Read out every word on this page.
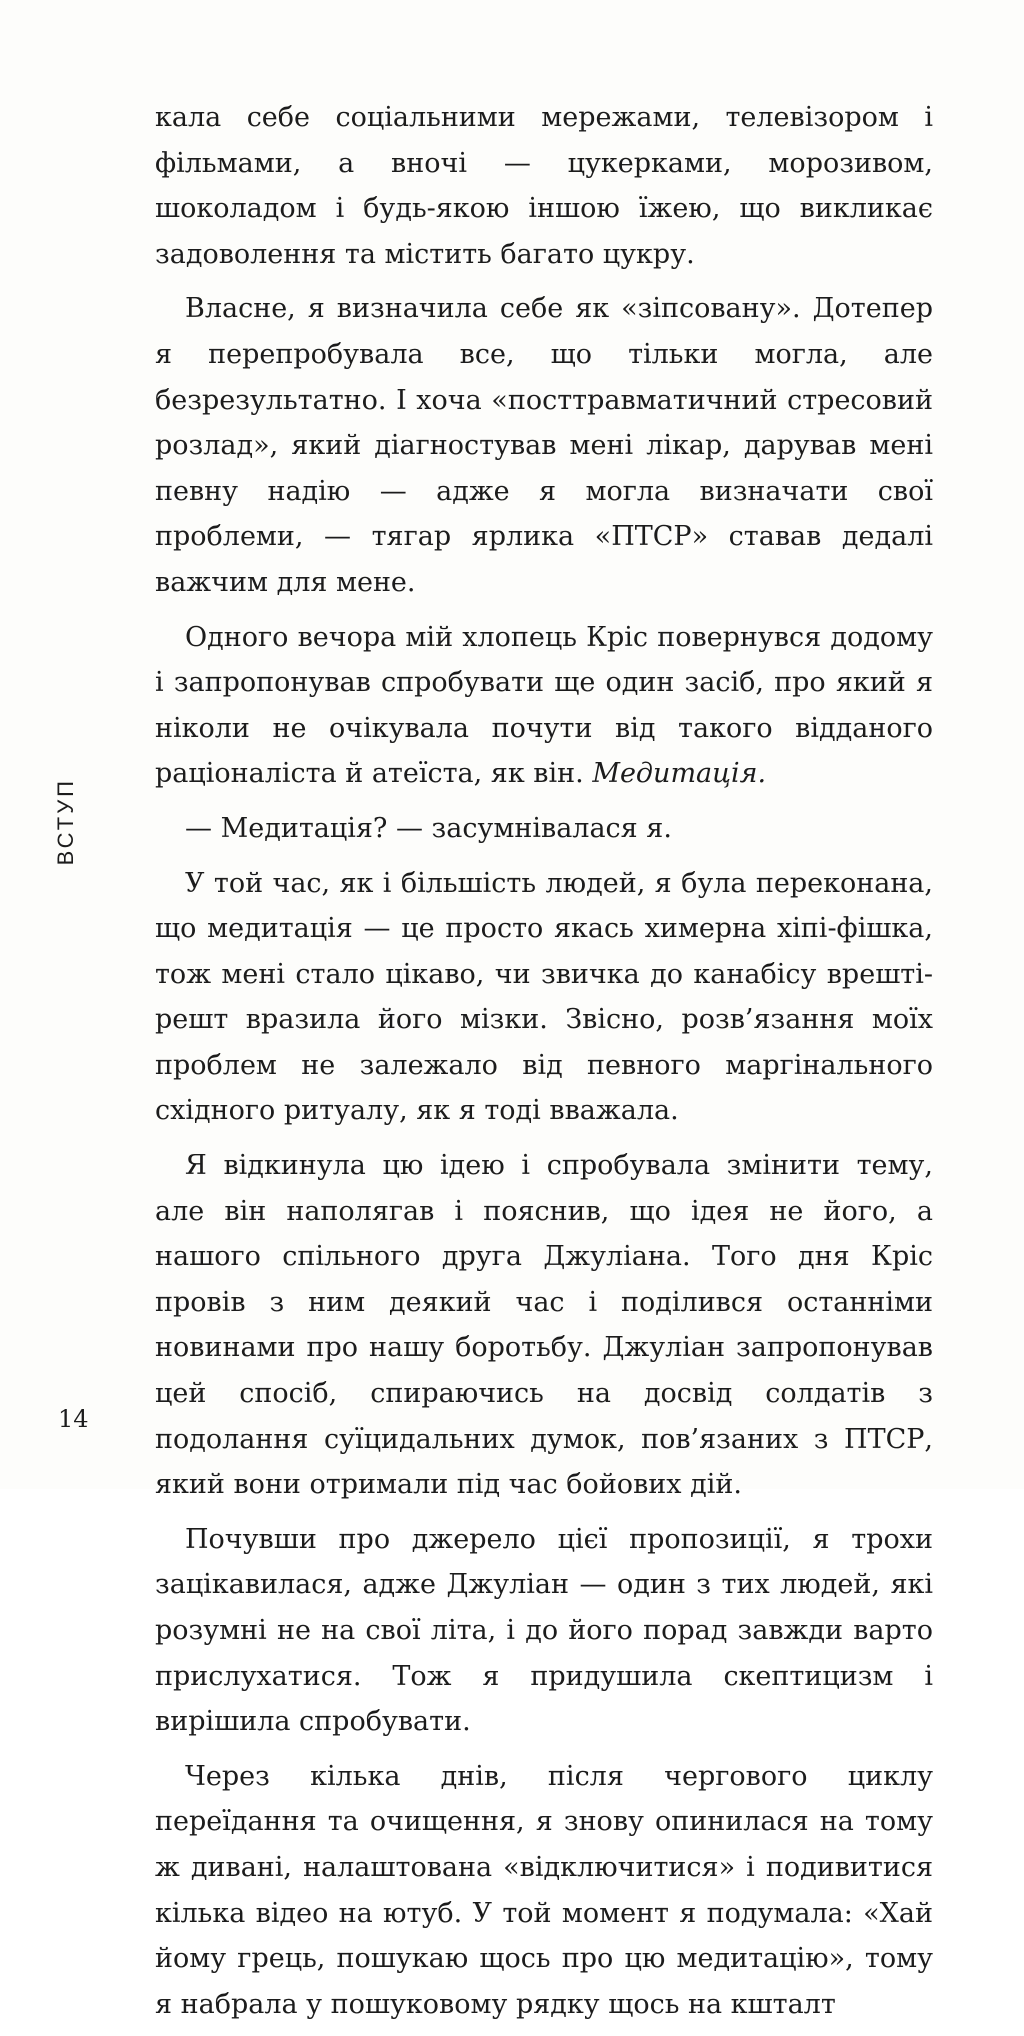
ВСТУП

кала себе соціальними мережами, телевізором і фільмами, а вночі — цукерками, морозивом, шоколадом і будь-якою іншою їжею, що викликає задоволення та містить багато цукру.

Власне, я визначила себе як «зіпсовану». Дотепер я перепробувала все, що тільки могла, але безрезультатно. І хоча «посттравматичний стресовий розлад», який діагностував мені лікар, дарував мені певну надію — адже я могла визначати свої проблеми, — тягар ярлика «ПТСР» ставав дедалі важчим для мене.

Одного вечора мій хлопець Кріс повернувся додому і запропонував спробувати ще один засіб, про який я ніколи не очікувала почути від такого відданого раціоналіста й атеїста, як він. Медитація.

— Медитація? — засумнівалася я.

У той час, як і більшість людей, я була переконана, що медитація — це просто якась химерна хіпі-фішка, тож мені стало цікаво, чи звичка до канабісу врешті-решт вразила його мізки. Звісно, розв’язання моїх проблем не залежало від певного маргінального східного ритуалу, як я тоді вважала.

Я відкинула цю ідею і спробувала змінити тему, але він наполягав і пояснив, що ідея не його, а нашого спільного друга Джуліана. Того дня Кріс провів з ним деякий час і поділився останніми новинами про нашу боротьбу. Джуліан запропонував цей спосіб, спираючись на досвід солдатів з подолання суїцидальних думок, пов’язаних з ПТСР, який вони отримали під час бойових дій.

Почувши про джерело цієї пропозиції, я трохи зацікавилася, адже Джуліан — один з тих людей, які розумні не на свої літа, і до його порад завжди варто прислухатися. Тож я придушила скептицизм і вирішила спробувати.

Через кілька днів, після чергового циклу переїдання та очищення, я знову опинилася на тому ж дивані, налаштована «відключитися» і подивитися кілька відео на ютуб. У той момент я подумала: «Хай йому грець, пошукаю щось про цю медитацію», тому я набрала у пошуковому рядку щось на кшталт

14
